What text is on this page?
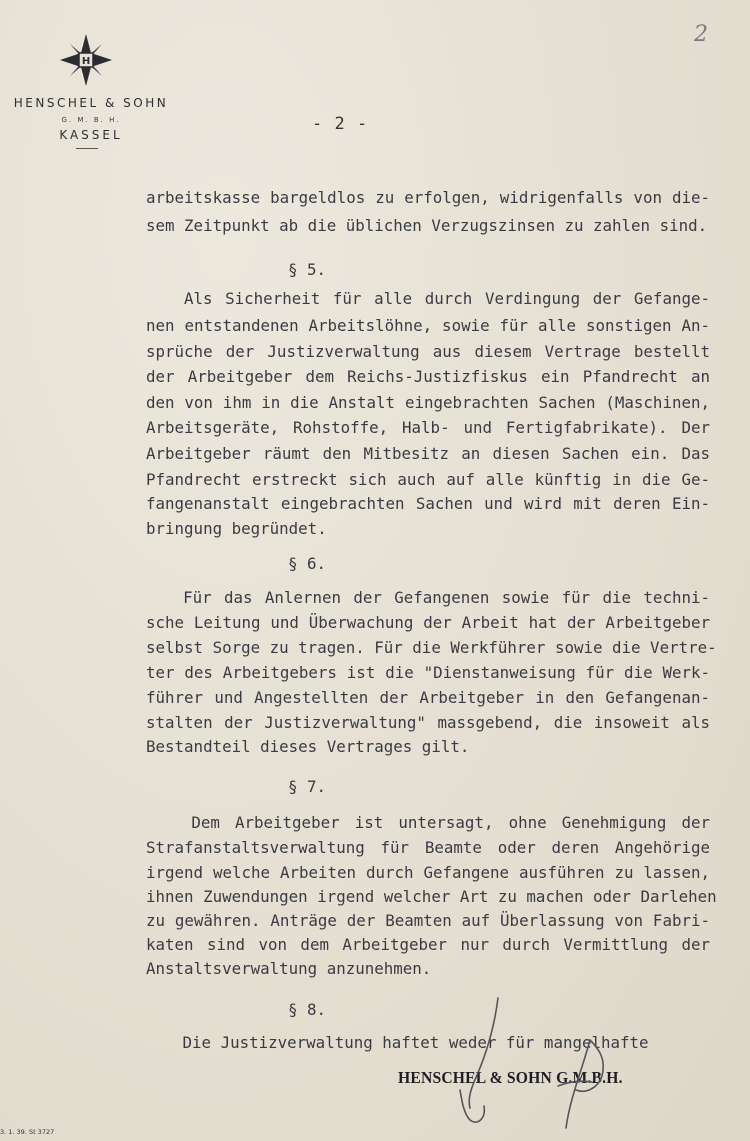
2
H
HENSCHEL & SOHN
G. M. B. H.
KASSEL
- 2 -
arbeitskasse bargeldlos zu erfolgen, widrigenfalls von die-
sem Zeitpunkt ab die üblichen Verzugszinsen zu zahlen sind.
§ 5.
Als Sicherheit für alle durch Verdingung der Gefange-
nen entstandenen Arbeitslöhne, sowie für alle sonstigen An-
sprüche der Justizverwaltung aus diesem Vertrage bestellt
der Arbeitgeber dem Reichs-Justizfiskus ein Pfandrecht an
den von ihm in die Anstalt eingebrachten Sachen (Maschinen,
Arbeitsgeräte, Rohstoffe, Halb- und Fertigfabrikate). Der
Arbeitgeber räumt den Mitbesitz an diesen Sachen ein. Das
Pfandrecht erstreckt sich auch auf alle künftig in die Ge-
fangenanstalt eingebrachten Sachen und wird mit deren Ein-
bringung begründet.
§ 6.
Für das Anlernen der Gefangenen sowie für die techni-
sche Leitung und Überwachung der Arbeit hat der Arbeitgeber
selbst Sorge zu tragen. Für die Werkführer sowie die Vertre-
ter des Arbeitgebers ist die "Dienstanweisung für die Werk-
führer und Angestellten der Arbeitgeber in den Gefangenan-
stalten der Justizverwaltung" massgebend, die insoweit als
Bestandteil dieses Vertrages gilt.
§ 7.
Dem Arbeitgeber ist untersagt, ohne Genehmigung der
Strafanstaltsverwaltung für Beamte oder deren Angehörige
irgend welche Arbeiten durch Gefangene ausführen zu lassen,
ihnen Zuwendungen irgend welcher Art zu machen oder Darlehen
zu gewähren. Anträge der Beamten auf Überlassung von Fabri-
katen sind von dem Arbeitgeber nur durch Vermittlung der
Anstaltsverwaltung anzunehmen.
§ 8.
Die Justizverwaltung haftet weder für mangelhafte
HENSCHEL & SOHN G.M.B.H.
3. 1. 39. St 3727
